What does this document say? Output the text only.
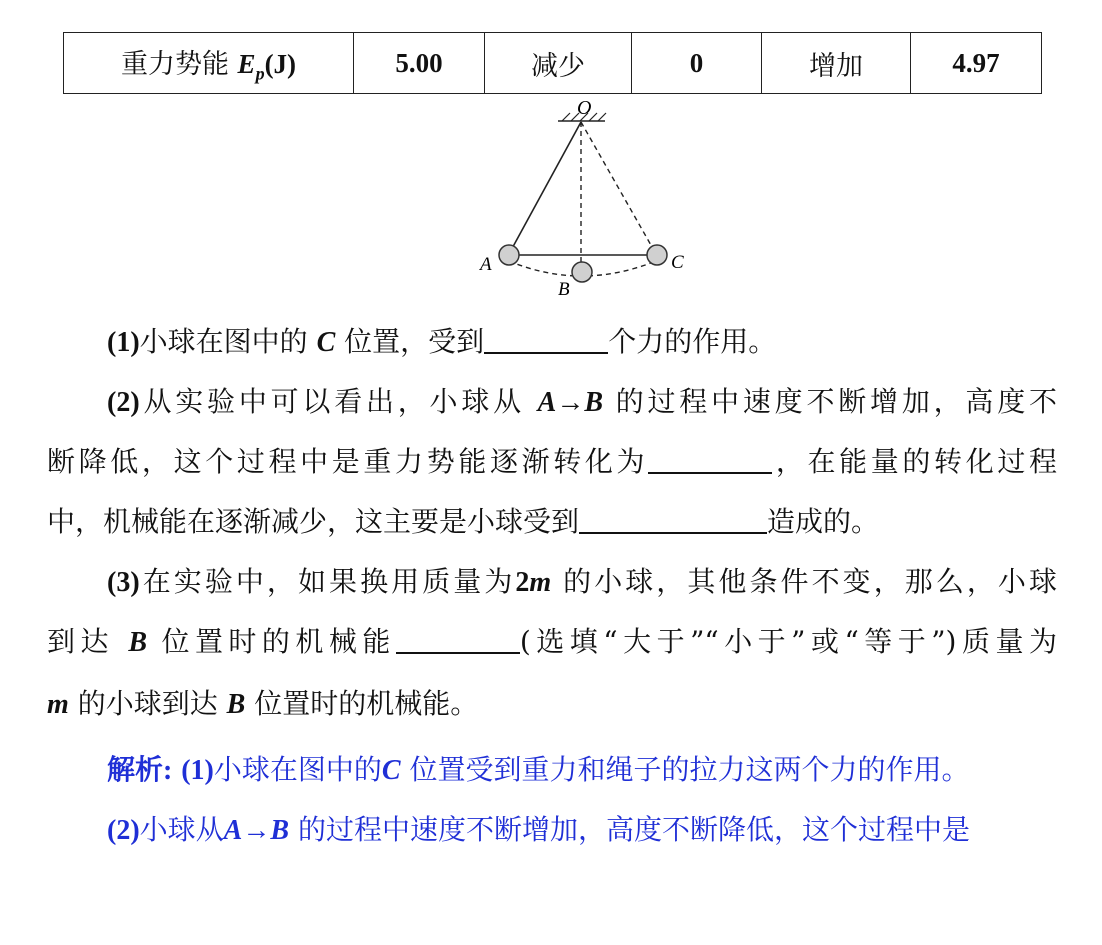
重力势能 $E_p(J)$	5.00	减少	0	增加	4.97
O
A
B
C

(1)小球在图中的 C 位置，受到	个力的作用。

(2)从实验中可以看出，小球从 A→B 的过程中速度不断增加，高度不

断降低，这个过程中是重力势能逐渐转化为	，在能量的转化过程

中，机械能在逐渐减少，这主要是小球受到	造成的。

(3)在实验中，如果换用质量为2m 的小球，其他条件不变，那么，小球

到达 B 位置时的机械能	(选填“大于”“小于”或“等于”)质量为

m 的小球到达 B 位置时的机械能。

解析: (1)小球在图中的C 位置受到重力和绳子的拉力这两个力的作用。

(2)小球从A→B 的过程中速度不断增加，高度不断降低，这个过程中是
